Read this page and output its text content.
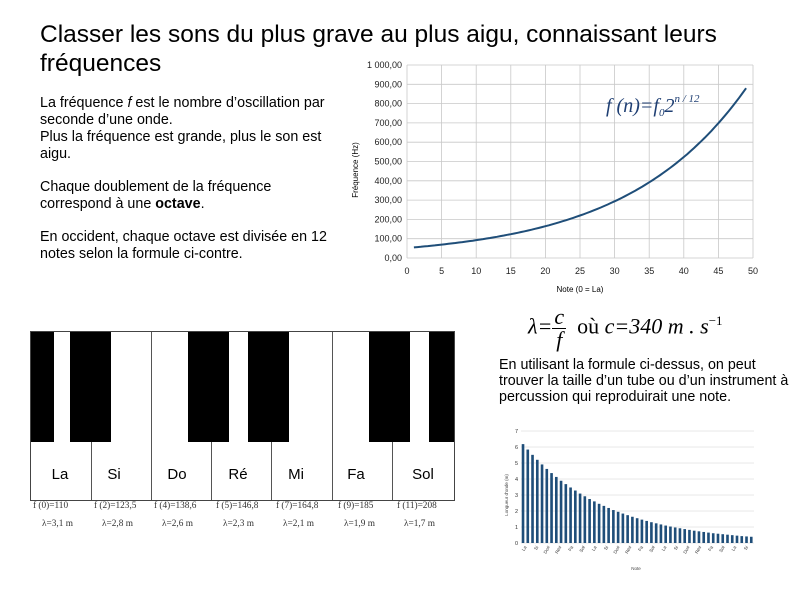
Classer les sons du plus grave au plus aigu, connaissant leurs fréquences

La fréquence f est le nombre d’oscillation par seconde d’une onde.
Plus la fréquence est grande, plus le son est aigu.

Chaque doublement de la fréquence correspond à une octave.

En occident, chaque octave est divisée en 12 notes selon la formule ci-contre.	0,00
100,00
200,00
300,00
400,00
500,00
600,00
700,00
800,00
900,00
1 000,00
0	5	10	15	20	25	30	35	40	45	50
Fréquence (Hz)
Note (0 = La)
f $(n)=f_02^{n / 12}$
$\lambda= \frac{c}{f}$ où c=340 m . $s^{-1}$
En utilisant la formule ci-dessus, on peut trouver la taille d’un tube ou d’un instrument à percussion qui reproduirait une note.
La	Si	Do	Ré	Mi	Fa	Sol
f (0)=110	f (2)=123,5 f (4)=138,6 f (5)=146,8 f (7)=164,8 f (9)=185	f (11)=208
λ=3,1 m	λ=2,8 m	λ=2,6 m	λ=2,3 m	λ=2,1 m	λ=1,9 m	λ=1,7 m
0
1
2
3
4
5
6
7
La Si Do# Ré# Fa Sol La Si Do# Ré# Fa Sol La Si Do# Ré# Fa Sol La Si
Longueur d'onde (m)
Note
